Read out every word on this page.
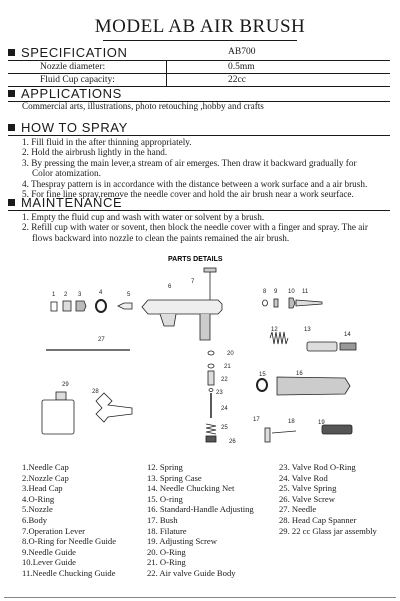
MODEL AB AIR BRUSH
SPECIFICATION	AB700
Nozzle diameter:	0.5mm
Fluid Cup capacity:	22cc
APPLICATIONS
Commercial arts, illustrations, photo retouching ,hobby and crafts
HOW TO SPRAY
1. Fill fluid in the after thinning appropriately.
2. Hold the airbrush lightly in the hand.
3. By pressing the main lever,a stream of air emerges. Then draw it backward gradually for
Color atomization.
4. Thespray pattern is in accordance with the distance between a work surface and a air brush.
5. For fine line spray,remove the needle cover and hold the air brush near a work seurface.
MAINTENANCE
1. Empty the fluid cup and wash with water or solvent by a brush.
2. Refill cup with water or sovent, then block the needle cover with a finger and spray. The air
flows backward into nozzle to clean the paints remained the air brush.
PARTS DETAILS
1 2 3	4	5
6
7
8 9 10 11
12	13
14
15	16
17	18	19
20
21
22
23
24
25
26
27
28
29
1.Needle Cap
2.Nozzle Cap
3.Head Cap
4.O-Ring
5.Nozzle
6.Body
7.Operation Lever
8.O-Ring for Needle Guide
9.Needle Guide
10.Lever Guide
11.Needle Chucking Guide
12. Spring
13. Spring Case
14. Needle Chucking Net
15. O-ring
16. Standard-Handle Adjusting
17. Bush
18. Filature
19. Adjusting Screw
20. O-Ring
21. O-Ring
22. Air valve Guide Body
23. Valve Rod O-Ring
24. Valve Rod
25. Valve Spring
26. Valve Screw
27. Needle
28. Head Cap Spanner
29. 22 cc Glass jar assembly
